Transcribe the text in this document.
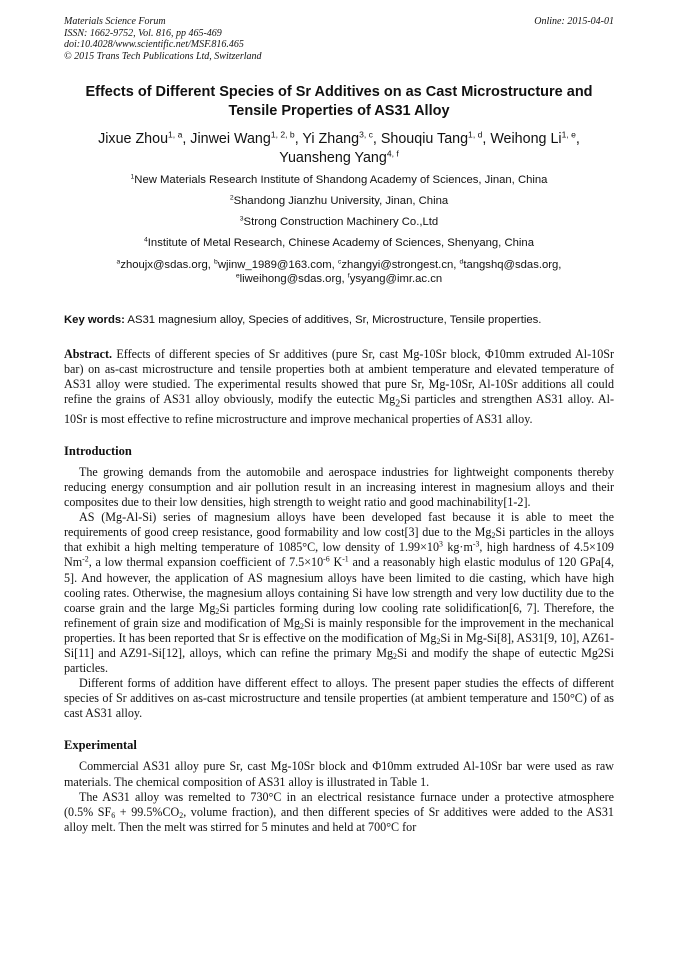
Materials Science Forum
ISSN: 1662-9752, Vol. 816, pp 465-469
doi:10.4028/www.scientific.net/MSF.816.465
© 2015 Trans Tech Publications Ltd, Switzerland
Online: 2015-04-01
Effects of Different Species of Sr Additives on as Cast Microstructure and Tensile Properties of AS31 Alloy
Jixue Zhou$^{1, a}$, Jinwei Wang$^{1, 2, b}$, Yi Zhang$^{3, c}$, Shouqiu Tang$^{1, d}$, Weihong Li$^{1, e}$,
Yuansheng Yang$^{4, f}$
$^1$New Materials Research Institute of Shandong Academy of Sciences, Jinan, China
$^2$Shandong Jianzhu University, Jinan, China
$^3$Strong Construction Machinery Co.,Ltd
$^4$Institute of Metal Research, Chinese Academy of Sciences, Shenyang, China
$^a$zhoujx@sdas.org, $^b$wjinw_1989@163.com, $^c$zhangyi@strongest.cn, $^d$tangshq@sdas.org,
$^e$liweihong@sdas.org, $^f$ysyang@imr.ac.cn
Key words: AS31 magnesium alloy, Species of additives, Sr, Microstructure, Tensile properties.

Abstract. Effects of different species of Sr additives (pure Sr, cast Mg-10Sr block, Φ10mm extruded Al-10Sr bar) on as-cast microstructure and tensile properties both at ambient temperature and elevated temperature of AS31 alloy were studied. The experimental results showed that pure Sr, Mg-10Sr, Al-10Sr additions all could refine the grains of AS31 alloy obviously, modify the eutectic $Mg_2Si$ particles and strengthen AS31 alloy. Al-10Sr is most effective to refine microstructure and improve mechanical properties of AS31 alloy.

Introduction

The growing demands from the automobile and aerospace industries for lightweight components thereby reducing energy consumption and air pollution result in an increasing interest in magnesium alloys and their composites due to their low densities, high strength to weight ratio and good machinability[1-2].

AS (Mg-Al-Si) series of magnesium alloys have been developed fast because it is able to meet the requirements of good creep resistance, good formability and low cost[3] due to the $Mg_2Si$ particles in the alloys that exhibit a high melting temperature of 1085°C, low density of $1.99\times 10^3$ $kg\cdot m^{-3}$, high hardness of 4.5×109 $Nm^{-2}$, a low thermal expansion coefficient of $7.5\times 10^{-6}$ $K^{-1}$ and a reasonably high elastic modulus of 120 GPa[4, 5]. And however, the application of AS magnesium alloys have been limited to die casting, which have high cooling rates. Otherwise, the magnesium alloys containing Si have low strength and very low ductility due to the coarse grain and the large $Mg_2Si$ particles forming during low cooling rate solidification[6, 7]. Therefore, the refinement of grain size and modification of $Mg_2Si$ is mainly responsible for the improvement in the mechanical properties. It has been reported that Sr is effective on the modification of $Mg_2Si$ in Mg-Si[8], AS31[9, 10], AZ61-Si[11] and AZ91-Si[12], alloys, which can refine the primary $Mg_2Si$ and modify the shape of eutectic Mg2Si particles.

Different forms of addition have different effect to alloys. The present paper studies the effects of different species of Sr additives on as-cast microstructure and tensile properties (at ambient temperature and 150°C) of as cast AS31 alloy.

Experimental

Commercial AS31 alloy pure Sr, cast Mg-10Sr block and Φ10mm extruded Al-10Sr bar were used as raw materials. The chemical composition of AS31 alloy is illustrated in Table 1.

The AS31 alloy was remelted to 730°C in an electrical resistance furnace under a protective atmosphere (0.5% $SF_6 + 99.5\%CO_2$, volume fraction), and then different species of Sr additives were added to the AS31 alloy melt. Then the melt was stirred for 5 minutes and held at 700°C for
